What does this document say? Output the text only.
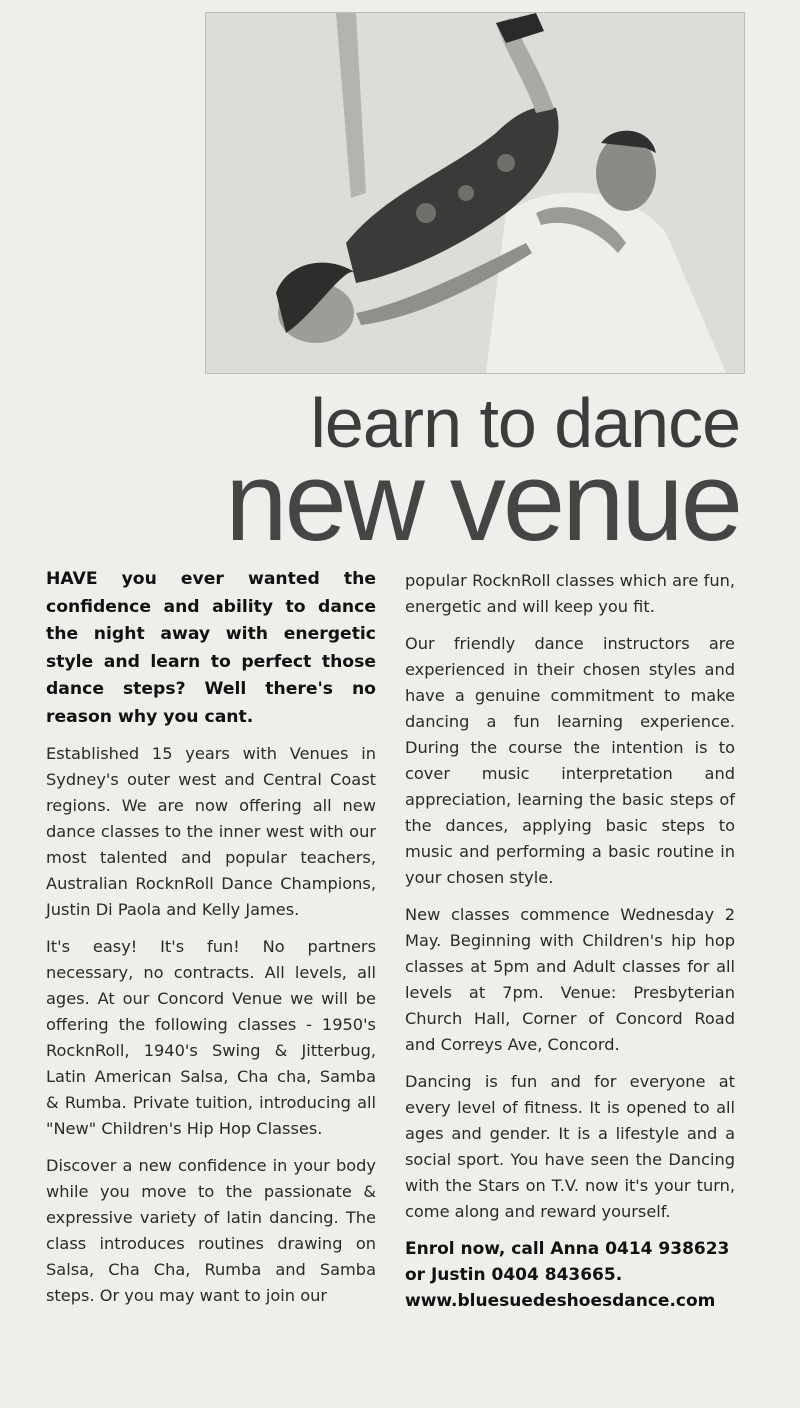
learn to dance
new venue

HAVE you ever wanted the confidence and ability to dance the night away with energetic style and learn to perfect those dance steps? Well there's no reason why you cant.

Established 15 years with Venues in Sydney's outer west and Central Coast regions. We are now offering all new dance classes to the inner west with our most talented and popular teachers, Australian RocknRoll Dance Champions, Justin Di Paola and Kelly James.

It's easy! It's fun! No partners necessary, no contracts. All levels, all ages. At our Concord Venue we will be offering the following classes - 1950's RocknRoll, 1940's Swing & Jitterbug, Latin American Salsa, Cha cha, Samba & Rumba. Private tuition, introducing all "New" Children's Hip Hop Classes.

Discover a new confidence in your body while you move to the passionate & expressive variety of latin dancing. The class introduces routines drawing on Salsa, Cha Cha, Rumba and Samba steps. Or you may want to join our

popular RocknRoll classes which are fun, energetic and will keep you fit.

Our friendly dance instructors are experienced in their chosen styles and have a genuine commitment to make dancing a fun learning experience. During the course the intention is to cover music interpretation and appreciation, learning the basic steps of the dances, applying basic steps to music and performing a basic routine in your chosen style.

New classes commence Wednesday 2 May. Beginning with Children's hip hop classes at 5pm and Adult classes for all levels at 7pm. Venue: Presbyterian Church Hall, Corner of Concord Road and Correys Ave, Concord.

Dancing is fun and for everyone at every level of fitness. It is opened to all ages and gender. It is a lifestyle and a social sport. You have seen the Dancing with the Stars on T.V. now it's your turn, come along and reward yourself.

Enrol now, call Anna 0414 938623
or Justin 0404 843665.
www.bluesuedeshoesdance.com
